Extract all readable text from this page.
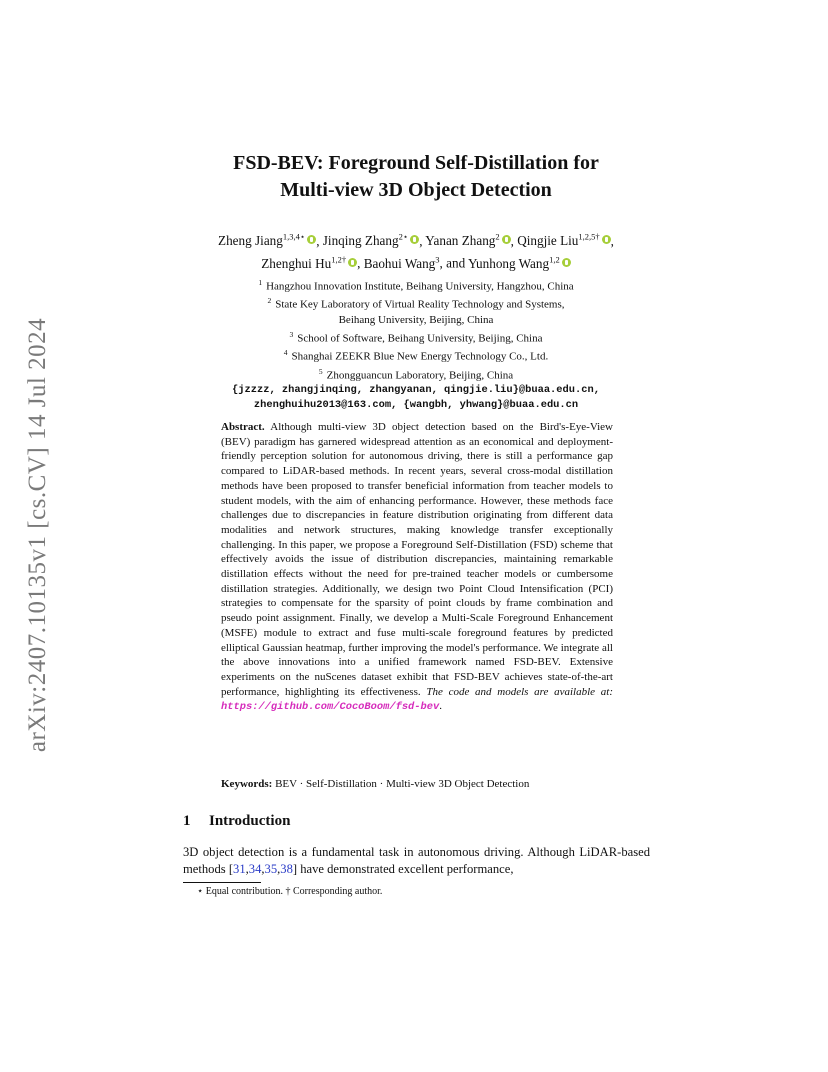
arXiv:2407.10135v1 [cs.CV] 14 Jul 2024
FSD-BEV: Foreground Self-Distillation for
Multi-view 3D Object Detection
Zheng Jiang$^{1,3,4⋆}$ , Jinqing Zhang$^{2⋆}$ , Yanan Zhang$^2$ , Qingjie Liu$^{1,2,5\dagger}$ ,
Zhenghui $Hu^{1,2\dagger}$ , Baohui Wang$^3$, and Yunhong Wang$^{1,2}$
$^1$ Hangzhou Innovation Institute, Beihang University, Hangzhou, China
$^2$ State Key Laboratory of Virtual Reality Technology and Systems,
Beihang University, Beijing, China
$^3$ School of Software, Beihang University, Beijing, China
$^4$ Shanghai ZEEKR Blue New Energy Technology Co., Ltd.
$^5$ Zhongguancun Laboratory, Beijing, China
{jzzzz, zhangjinqing, zhangyanan, qingjie.liu}@buaa.edu.cn,
zhenghuihu2013@163.com, {wangbh, yhwang}@buaa.edu.cn
Abstract. Although multi-view 3D object detection based on the Bird's-Eye-View (BEV) paradigm has garnered widespread attention as an economical and deployment-friendly perception solution for autonomous driving, there is still a performance gap compared to LiDAR-based methods. In recent years, several cross-modal distillation methods have been proposed to transfer beneficial information from teacher models to student models, with the aim of enhancing performance. However, these methods face challenges due to discrepancies in feature distribution originating from different data modalities and network structures, making knowledge transfer exceptionally challenging. In this paper, we propose a Foreground Self-Distillation (FSD) scheme that effectively avoids the issue of distribution discrepancies, maintaining remarkable distillation effects without the need for pre-trained teacher models or cumbersome distillation strategies. Additionally, we design two Point Cloud Intensification (PCI) strategies to compensate for the sparsity of point clouds by frame combination and pseudo point assignment. Finally, we develop a Multi-Scale Foreground Enhancement (MSFE) module to extract and fuse multi-scale foreground features by predicted elliptical Gaussian heatmap, further improving the model's performance. We integrate all the above innovations into a unified framework named FSD-BEV. Extensive experiments on the nuScenes dataset exhibit that FSD-BEV achieves state-of-the-art performance, highlighting its effectiveness. The code and models are available at: https://github.com/CocoBoom/fsd-bev.
Keywords: BEV · Self-Distillation · Multi-view 3D Object Detection
1 Introduction
3D object detection is a fundamental task in autonomous driving. Although LiDAR-based methods [31,34,35,38] have demonstrated excellent performance,
⋆ Equal contribution. † Corresponding author.
